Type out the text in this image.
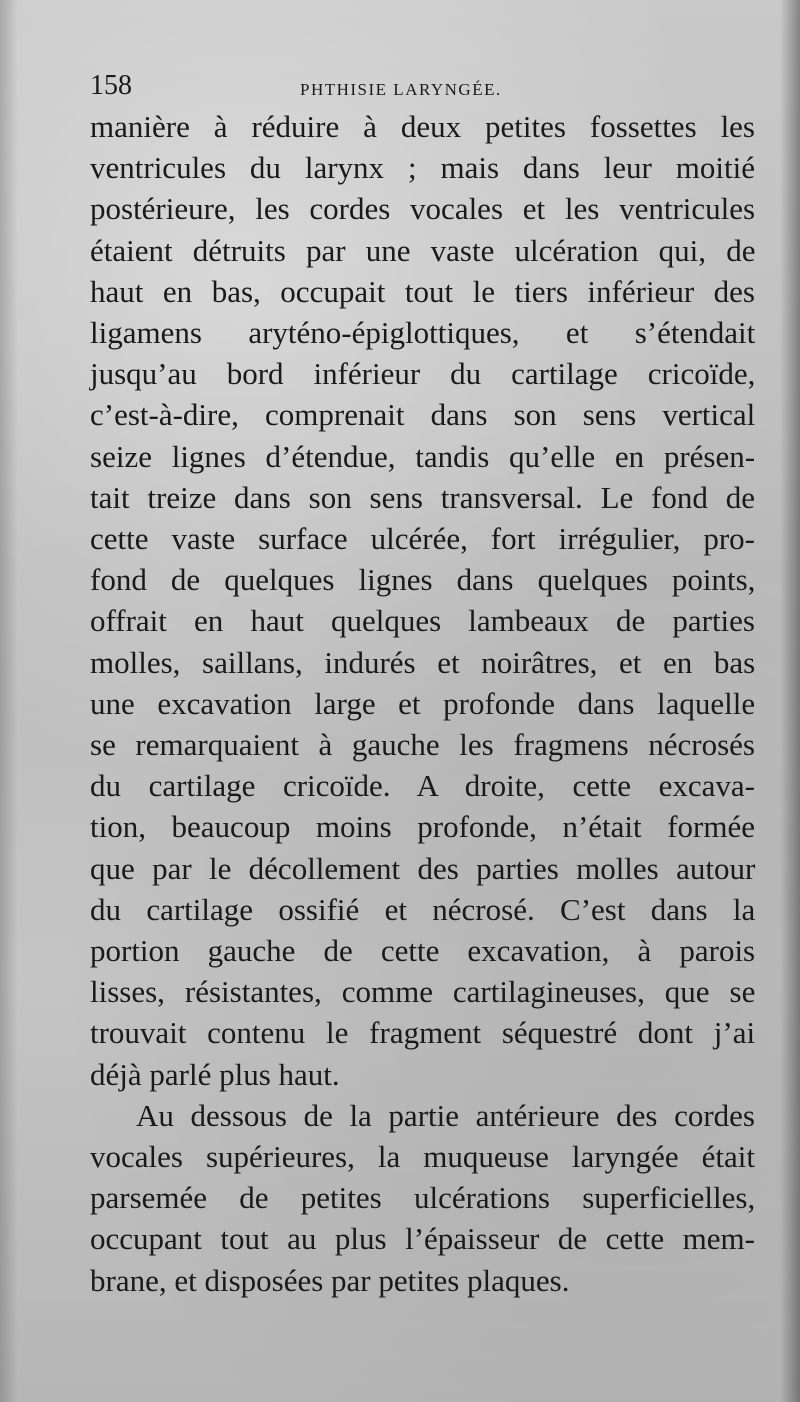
158	PHTHISIE LARYNGÉE.
manière à réduire à deux petites fossettes les
ventricules du larynx ; mais dans leur moitié
postérieure, les cordes vocales et les ventricules
étaient détruits par une vaste ulcération qui, de
haut en bas, occupait tout le tiers inférieur des
ligamens aryténo-épiglottiques, et s’étendait
jusqu’au bord inférieur du cartilage cricoïde,
c’est-à-dire, comprenait dans son sens vertical
seize lignes d’étendue, tandis qu’elle en présen-
tait treize dans son sens transversal. Le fond de
cette vaste surface ulcérée, fort irrégulier, pro-
fond de quelques lignes dans quelques points,
offrait en haut quelques lambeaux de parties
molles, saillans, indurés et noirâtres, et en bas
une excavation large et profonde dans laquelle
se remarquaient à gauche les fragmens nécrosés
du cartilage cricoïde. A droite, cette excava-
tion, beaucoup moins profonde, n’était formée
que par le décollement des parties molles autour
du cartilage ossifié et nécrosé. C’est dans la
portion gauche de cette excavation, à parois
lisses, résistantes, comme cartilagineuses, que se
trouvait contenu le fragment séquestré dont j’ai
déjà parlé plus haut.
Au dessous de la partie antérieure des cordes
vocales supérieures, la muqueuse laryngée était
parsemée de petites ulcérations superficielles,
occupant tout au plus l’épaisseur de cette mem-
brane, et disposées par petites plaques.
